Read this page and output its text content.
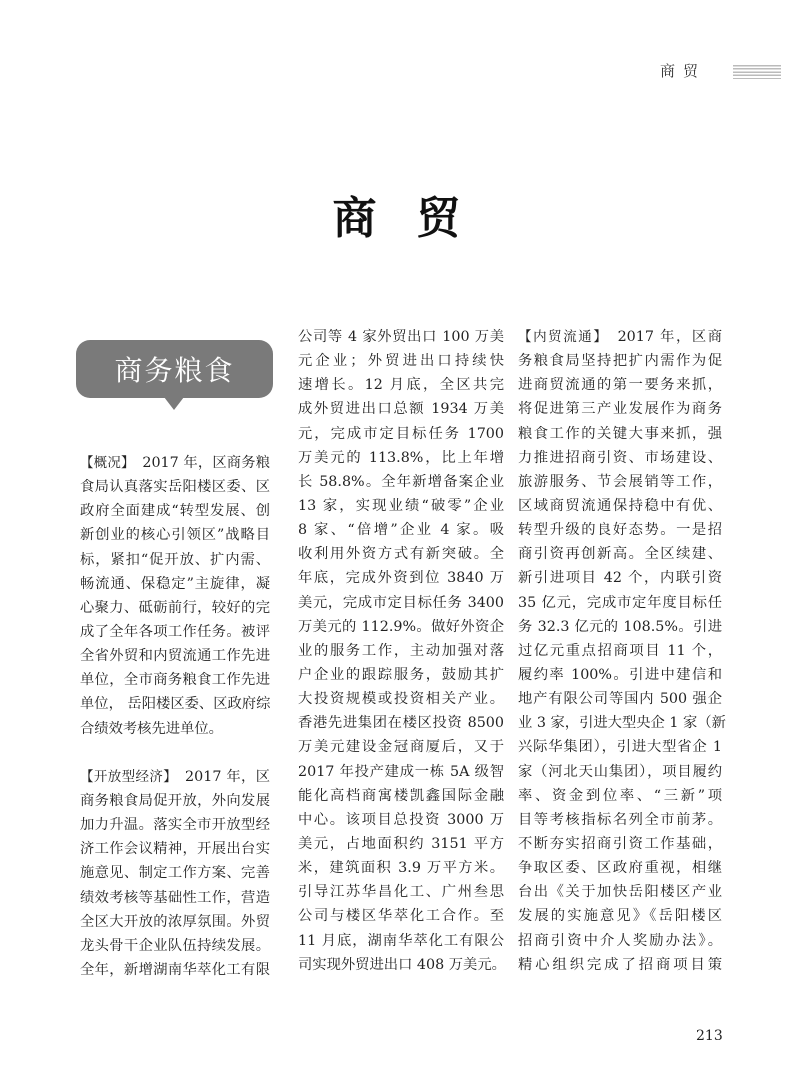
商贸
商贸
商务粮食
【概况】　2017 年，区商务粮
食局认真落实岳阳楼区委、区
政府全面建成“转型发展、创
新创业的核心引领区”战略目
标，紧扣“促开放、扩内需、
畅流通、保稳定”主旋律，凝
心聚力、砥砺前行，较好的完
成了全年各项工作任务。被评
全省外贸和内贸流通工作先进
单位，全市商务粮食工作先进
单位， 岳阳楼区委、区政府综
合绩效考核先进单位。
【开放型经济】　2017 年，区
商务粮食局促开放，外向发展
加力升温。落实全市开放型经
济工作会议精神，开展出台实
施意见、制定工作方案、完善
绩效考核等基础性工作，营造
全区大开放的浓厚氛围。外贸
龙头骨干企业队伍持续发展。
全年，新增湖南华萃化工有限
公司等 4 家外贸出口 100 万美
元企业；外贸进出口持续快
速增长。12 月底，全区共完
成外贸进出口总额 1934 万美
元，完成市定目标任务 1700
万美元的 113.8%，比上年增
长 58.8%。全年新增备案企业
13 家，实现业绩“破零”企业
8 家、“倍增”企业 4 家。吸
收利用外资方式有新突破。全
年底，完成外资到位 3840 万
美元，完成市定目标任务 3400
万美元的 112.9%。做好外资企
业的服务工作，主动加强对落
户企业的跟踪服务，鼓励其扩
大投资规模或投资相关产业。
香港先进集团在楼区投资 8500
万美元建设金冠商厦后，又于
2017 年投产建成一栋 5A 级智
能化高档商寓楼凯鑫国际金融
中心。该项目总投资 3000 万
美元，占地面积约 3151 平方
米，建筑面积 3.9 万平方米。
引导江苏华昌化工、广州叁思
公司与楼区华萃化工合作。至
11 月底，湖南华萃化工有限公
司实现外贸进出口 408 万美元。
【内贸流通】　2017 年，区商
务粮食局坚持把扩内需作为促
进商贸流通的第一要务来抓，
将促进第三产业发展作为商务
粮食工作的关键大事来抓，强
力推进招商引资、市场建设、
旅游服务、节会展销等工作，
区域商贸流通保持稳中有优、
转型升级的良好态势。一是招
商引资再创新高。全区续建、
新引进项目 42 个，内联引资
35 亿元，完成市定年度目标任
务 32.3 亿元的 108.5%。引进
过亿元重点招商项目 11 个，
履约率 100%。引进中建信和
地产有限公司等国内 500 强企
业 3 家，引进大型央企 1 家（新
兴际华集团），引进大型省企 1
家（河北天山集团），项目履约
率、资金到位率、“三新”项
目等考核指标名列全市前茅。
不断夯实招商引资工作基础，
争取区委、区政府重视，相继
台出《关于加快岳阳楼区产业
发展的实施意见》《岳阳楼区
招商引资中介人奖励办法》。
精心组织完成了招商项目策
213
